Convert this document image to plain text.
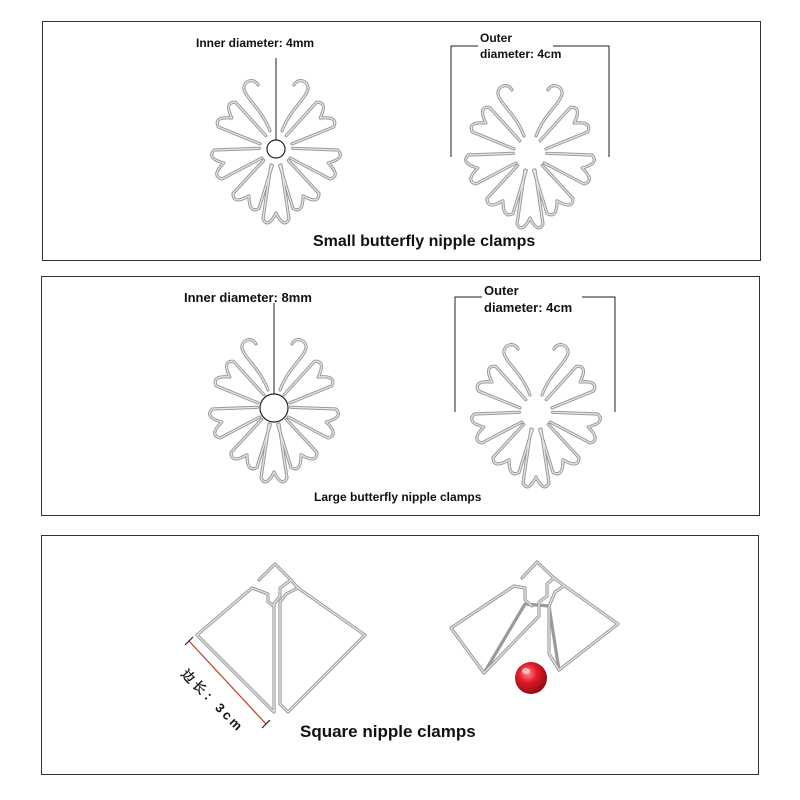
Inner diameter: 4mm	Outer
diameter: 4cm
Small butterfly nipple clamps
Inner diameter: 8mm	Outer
diameter: 4cm
Large butterfly nipple clamps
边长：3cm	Square nipple clamps
